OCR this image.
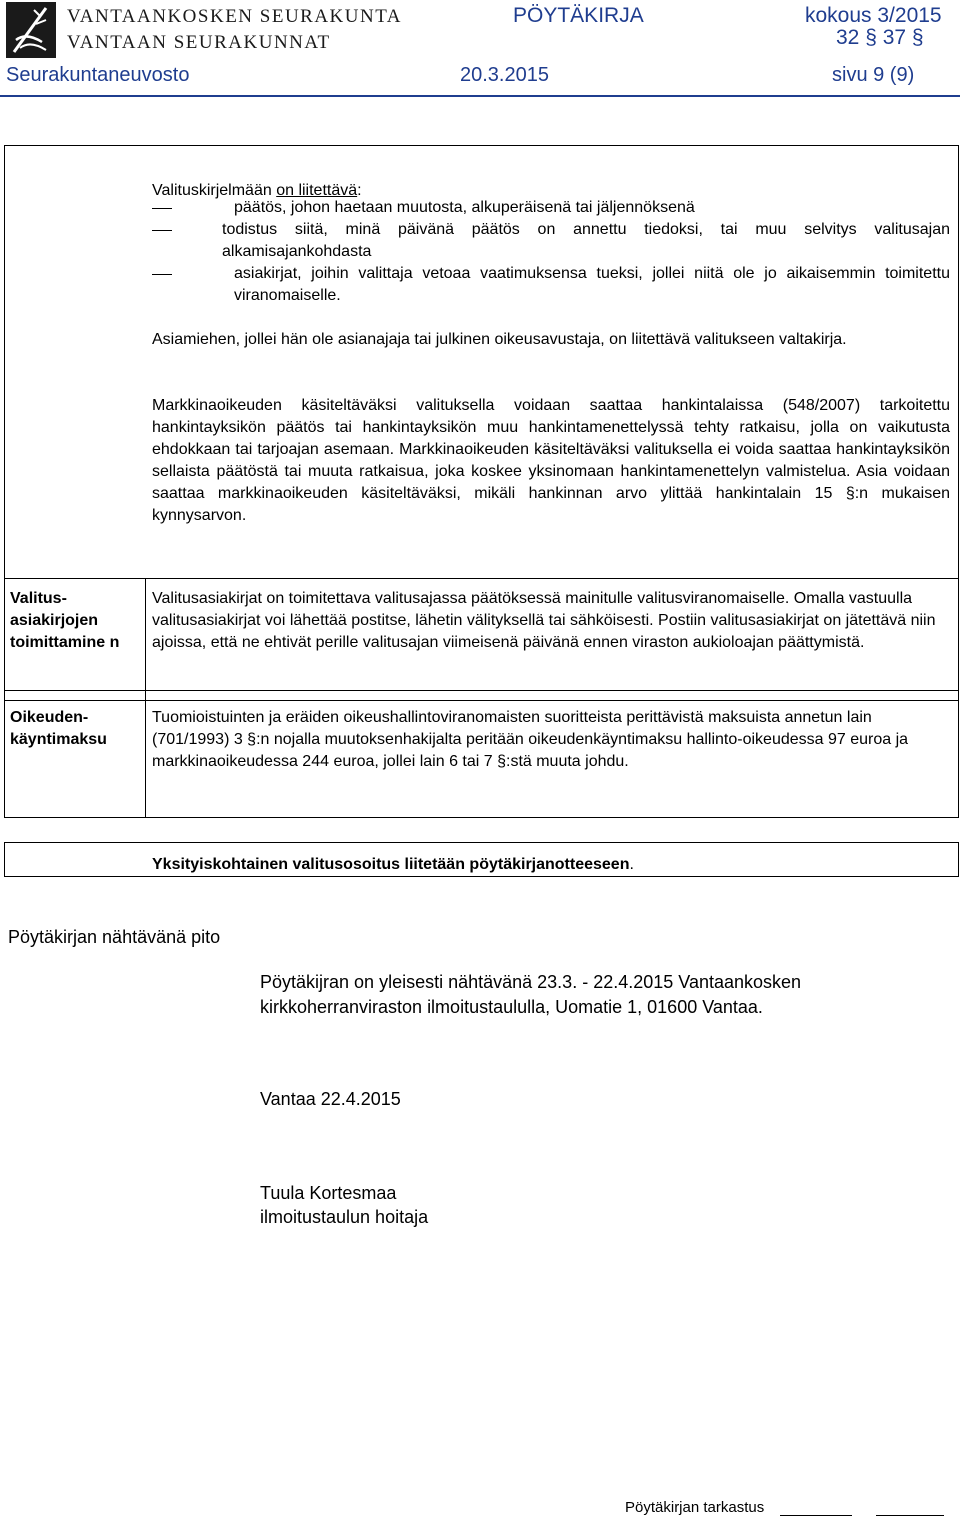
VANTAANKOSKEN SEURAKUNTA
VANTAAN SEURAKUNNAT
PÖYTÄKIRJA	kokous 3/2015
32 § 37 §
Seurakuntaneuvosto	20.3.2015	sivu 9 (9)
Valituskirjelmään on liitettävä:
päätös, johon haetaan muutosta, alkuperäisenä tai jäljennöksenä
todistus siitä, minä päivänä päätös on annettu tiedoksi, tai muu selvitys valitusajan alkamisajankohdasta
asiakirjat, joihin valittaja vetoaa vaatimuksensa tueksi, jollei niitä ole jo aikaisemmin toimitettu viranomaiselle.
Asiamiehen, jollei hän ole asianajaja tai julkinen oikeusavustaja, on liitettävä valitukseen valtakirja.
Markkinaoikeuden käsiteltäväksi valituksella voidaan saattaa hankintalaissa (548/2007) tarkoitettu hankintayksikön päätös tai hankintayksikön muu hankintamenettelyssä tehty ratkaisu, jolla on vaikutusta ehdokkaan tai tarjoajan asemaan. Markkinaoikeuden käsiteltäväksi valituksella ei voida saattaa hankintayksikön sellaista päätöstä tai muuta ratkaisua, joka koskee yksinomaan hankintamenettelyn valmistelua. Asia voidaan saattaa markkinaoikeuden käsiteltäväksi, mikäli hankinnan arvo ylittää hankintalain 15 §:n mukaisen kynnysarvon.
Valitus-asiakirjojen toimittamine n
Valitusasiakirjat on toimitettava valitusajassa päätöksessä mainitulle valitusviranomaiselle. Omalla vastuulla valitusasiakirjat voi lähettää postitse, lähetin välityksellä tai sähköisesti. Postiin valitusasiakirjat on jätettävä niin ajoissa, että ne ehtivät perille valitusajan viimeisenä päivänä ennen viraston aukioloajan päättymistä.
Oikeuden-käyntimaksu
Tuomioistuinten ja eräiden oikeushallintoviranomaisten suoritteista perittävistä maksuista annetun lain (701/1993) 3 §:n nojalla muutoksenhakijalta peritään oikeudenkäyntimaksu hallinto-oikeudessa 97 euroa ja markkinaoikeudessa 244 euroa, jollei lain 6 tai 7 §:stä muuta johdu.
Yksityiskohtainen valitusosoitus liitetään pöytäkirjanotteeseen.
Pöytäkirjan nähtävänä pito
Pöytäkijran on yleisesti nähtävänä 23.3. - 22.4.2015 Vantaankosken
kirkkoherranviraston ilmoitustaululla, Uomatie 1, 01600 Vantaa.
Vantaa 22.4.2015
Tuula Kortesmaa
ilmoitustaulun hoitaja
Pöytäkirjan tarkastus
